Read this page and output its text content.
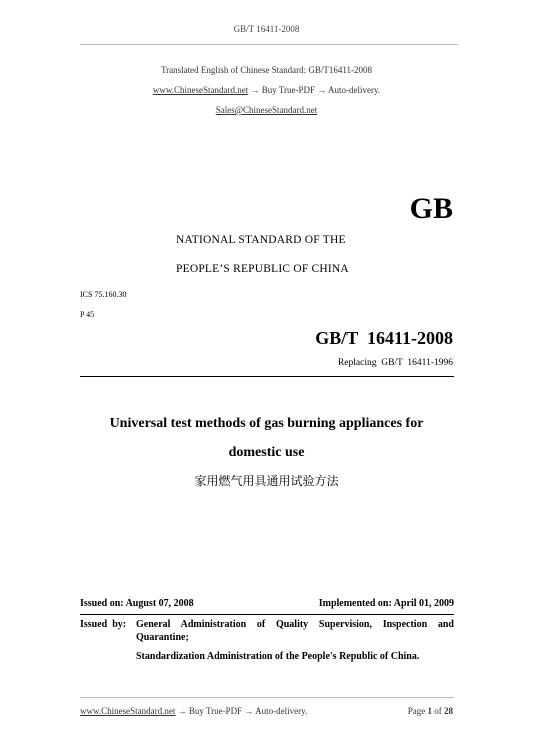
GB/T 16411-2008
Translated English of Chinese Standard: GB/T16411-2008
www.ChineseStandard.net → Buy True-PDF → Auto-delivery.
Sales@ChineseStandard.net
GB
NATIONAL STANDARD OF THE
PEOPLE’S REPUBLIC OF CHINA
ICS 75.160.30
P 45
GB/T  16411-2008
Replacing  GB/T  16411-1996
Universal test methods of gas burning appliances for
domestic use
家用燃气用具通用试验方法
Issued on: August 07, 2008	Implemented on: April 01, 2009
Issued  by: General Administration of Quality Supervision, Inspection and
Quarantine;
Standardization Administration of the People's Republic of China.
www.ChineseStandard.net → Buy True-PDF → Auto-delivery.	Page 1 of 28
